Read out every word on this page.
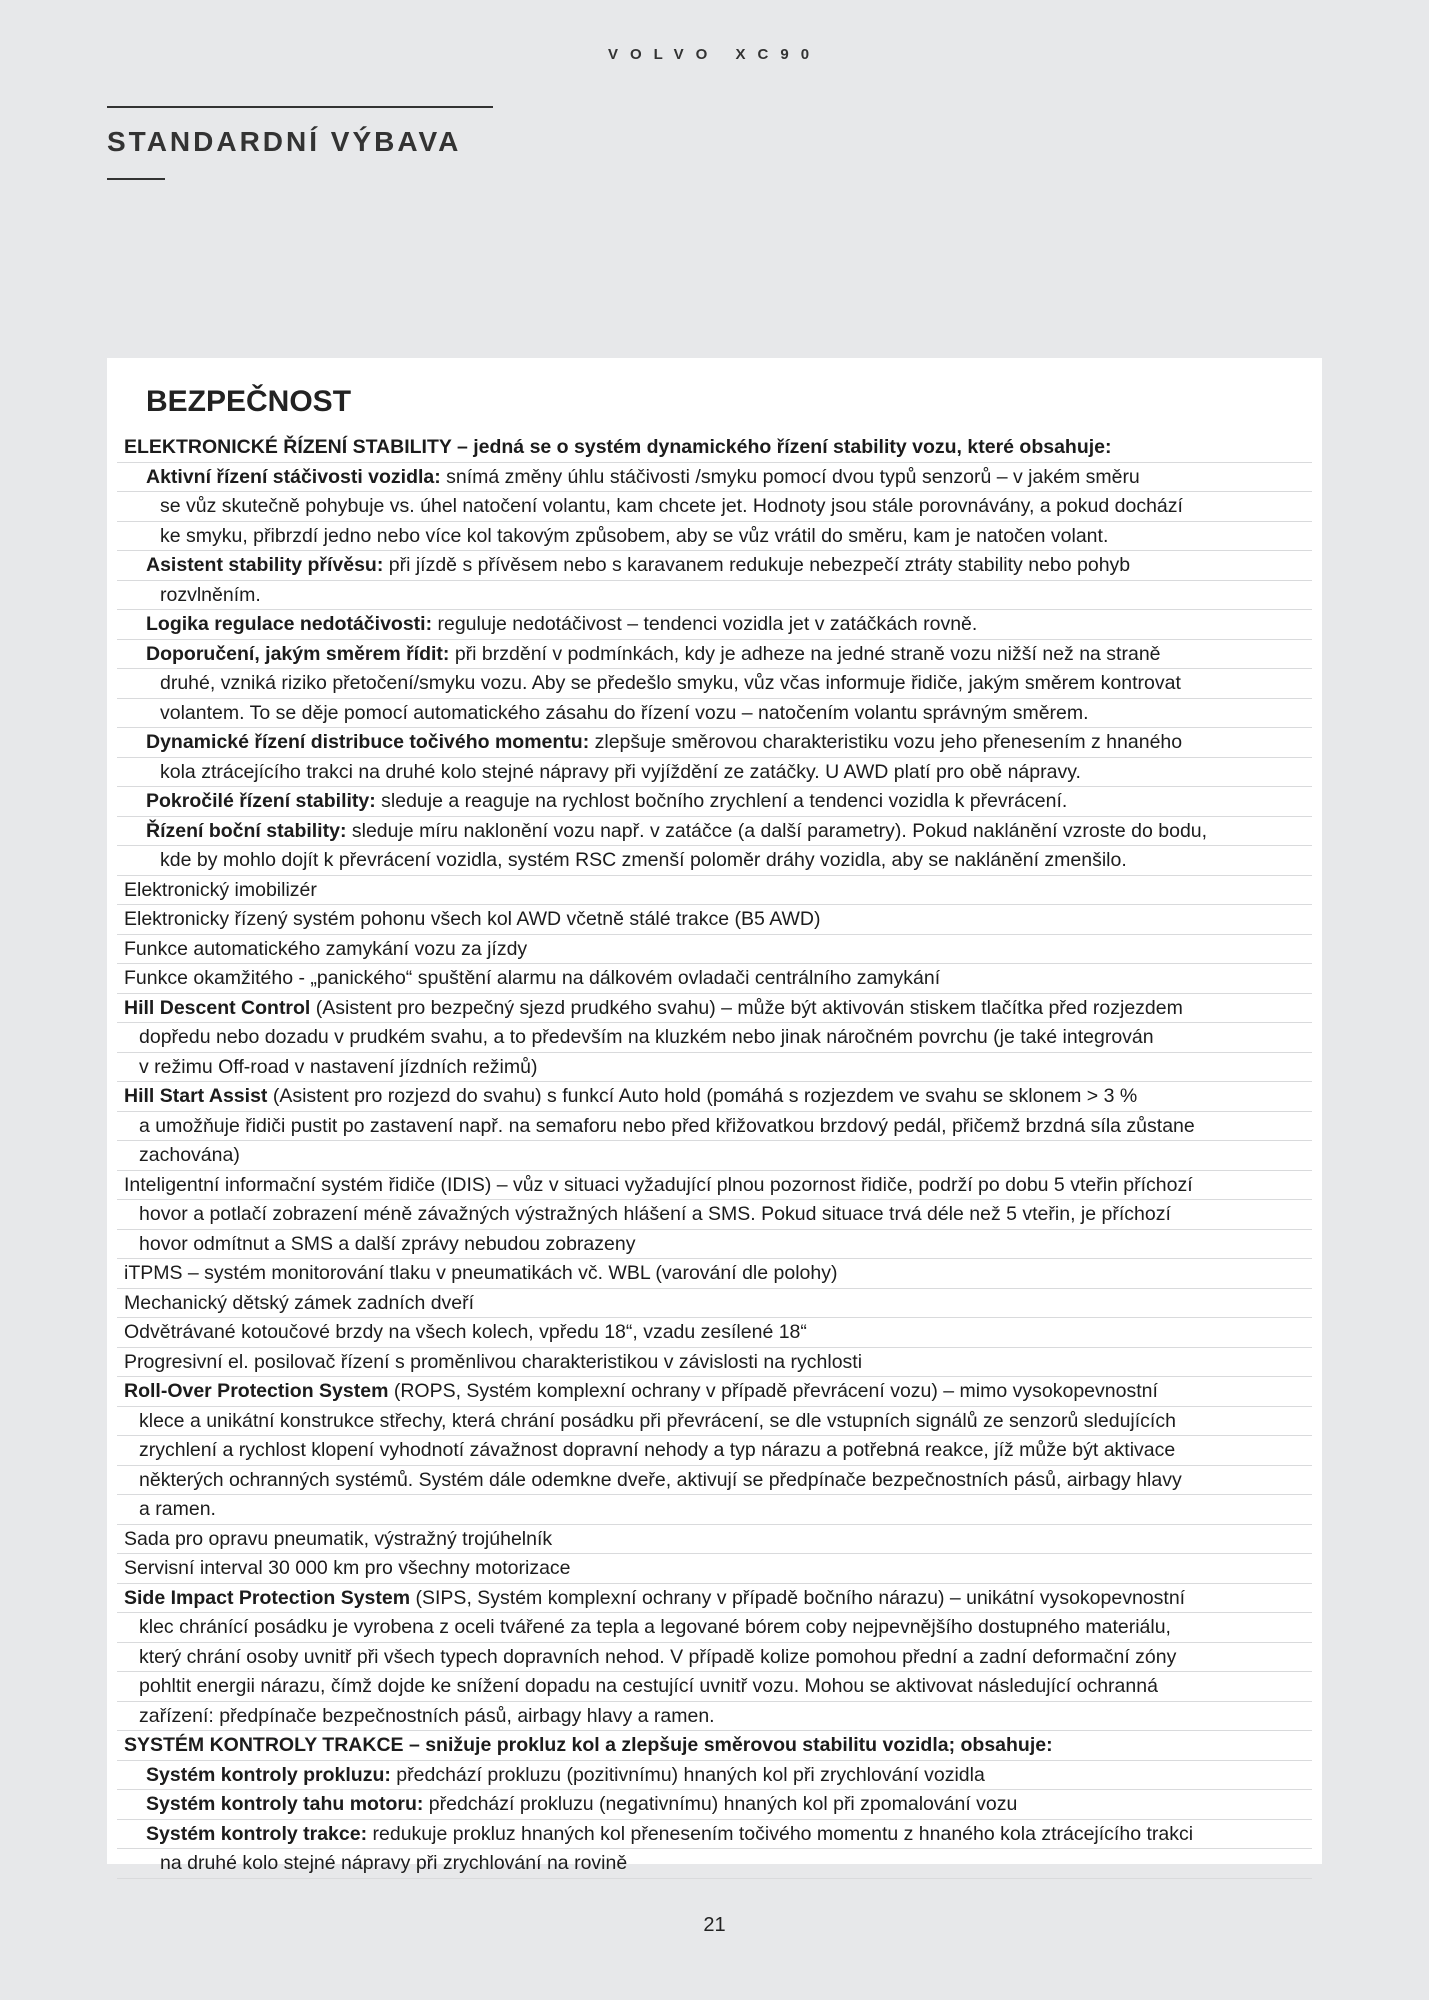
VOLVO XC90
STANDARDNÍ VÝBAVA
BEZPEČNOST
ELEKTRONICKÉ ŘÍZENÍ STABILITY – jedná se o systém dynamického řízení stability vozu, které obsahuje:
Aktivní řízení stáčivosti vozidla: snímá změny úhlu stáčivosti /smyku pomocí dvou typů senzorů – v jakém směru
se vůz skutečně pohybuje vs. úhel natočení volantu, kam chcete jet. Hodnoty jsou stále porovnávány, a pokud dochází
ke smyku, přibrzdí jedno nebo více kol takovým způsobem, aby se vůz vrátil do směru, kam je natočen volant.
Asistent stability přívěsu: při jízdě s přívěsem nebo s karavanem redukuje nebezpečí ztráty stability nebo pohyb
rozvlněním.
Logika regulace nedotáčivosti: reguluje nedotáčivost – tendenci vozidla jet v zatáčkách rovně.
Doporučení, jakým směrem řídit: při brzdění v podmínkách, kdy je adheze na jedné straně vozu nižší než na straně
druhé, vzniká riziko přetočení/smyku vozu. Aby se předešlo smyku, vůz včas informuje řidiče, jakým směrem kontrovat
volantem. To se děje pomocí automatického zásahu do řízení vozu – natočením volantu správným směrem.
Dynamické řízení distribuce točivého momentu: zlepšuje směrovou charakteristiku vozu jeho přenesením z hnaného
kola ztrácejícího trakci na druhé kolo stejné nápravy při vyjíždění ze zatáčky. U AWD platí pro obě nápravy.
Pokročilé řízení stability: sleduje a reaguje na rychlost bočního zrychlení a tendenci vozidla k převrácení.
Řízení boční stability: sleduje míru naklonění vozu např. v zatáčce (a další parametry). Pokud naklánění vzroste do bodu,
kde by mohlo dojít k převrácení vozidla, systém RSC zmenší poloměr dráhy vozidla, aby se naklánění zmenšilo.
Elektronický imobilizér
Elektronicky řízený systém pohonu všech kol AWD včetně stálé trakce (B5 AWD)
Funkce automatického zamykání vozu za jízdy
Funkce okamžitého - „panického“ spuštění alarmu na dálkovém ovladači centrálního zamykání
Hill Descent Control (Asistent pro bezpečný sjezd prudkého svahu) – může být aktivován stiskem tlačítka před rozjezdem
dopředu nebo dozadu v prudkém svahu, a to především na kluzkém nebo jinak náročném povrchu (je také integrován
v režimu Off-road v nastavení jízdních režimů)
Hill Start Assist (Asistent pro rozjezd do svahu) s funkcí Auto hold (pomáhá s rozjezdem ve svahu se sklonem > 3 %
a umožňuje řidiči pustit po zastavení např. na semaforu nebo před křižovatkou brzdový pedál, přičemž brzdná síla zůstane
zachována)
Inteligentní informační systém řidiče (IDIS) – vůz v situaci vyžadující plnou pozornost řidiče, podrží po dobu 5 vteřin příchozí
hovor a potlačí zobrazení méně závažných výstražných hlášení a SMS. Pokud situace trvá déle než 5 vteřin, je příchozí
hovor odmítnut a SMS a další zprávy nebudou zobrazeny
iTPMS – systém monitorování tlaku v pneumatikách vč. WBL (varování dle polohy)
Mechanický dětský zámek zadních dveří
Odvětrávané kotoučové brzdy na všech kolech, vpředu 18“, vzadu zesílené 18“
Progresivní el. posilovač řízení s proměnlivou charakteristikou v závislosti na rychlosti
Roll-Over Protection System (ROPS, Systém komplexní ochrany v případě převrácení vozu) – mimo vysokopevnostní
klece a unikátní konstrukce střechy, která chrání posádku při převrácení, se dle vstupních signálů ze senzorů sledujících
zrychlení a rychlost klopení vyhodnotí závažnost dopravní nehody a typ nárazu a potřebná reakce, jíž může být aktivace
některých ochranných systémů. Systém dále odemkne dveře, aktivují se předpínače bezpečnostních pásů, airbagy hlavy
a ramen.
Sada pro opravu pneumatik, výstražný trojúhelník
Servisní interval 30 000 km pro všechny motorizace
Side Impact Protection System (SIPS, Systém komplexní ochrany v případě bočního nárazu) – unikátní vysokopevnostní
klec chránící posádku je vyrobena z oceli tvářené za tepla a legované bórem coby nejpevnějšího dostupného materiálu,
který chrání osoby uvnitř při všech typech dopravních nehod. V případě kolize pomohou přední a zadní deformační zóny
pohltit energii nárazu, čímž dojde ke snížení dopadu na cestující uvnitř vozu. Mohou se aktivovat následující ochranná
zařízení: předpínače bezpečnostních pásů, airbagy hlavy a ramen.
SYSTÉM KONTROLY TRAKCE – snižuje prokluz kol a zlepšuje směrovou stabilitu vozidla; obsahuje:
Systém kontroly prokluzu: předchází prokluzu (pozitivnímu) hnaných kol při zrychlování vozidla
Systém kontroly tahu motoru: předchází prokluzu (negativnímu) hnaných kol při zpomalování vozu
Systém kontroly trakce: redukuje prokluz hnaných kol přenesením točivého momentu z hnaného kola ztrácejícího trakci
na druhé kolo stejné nápravy při zrychlování na rovině
21
